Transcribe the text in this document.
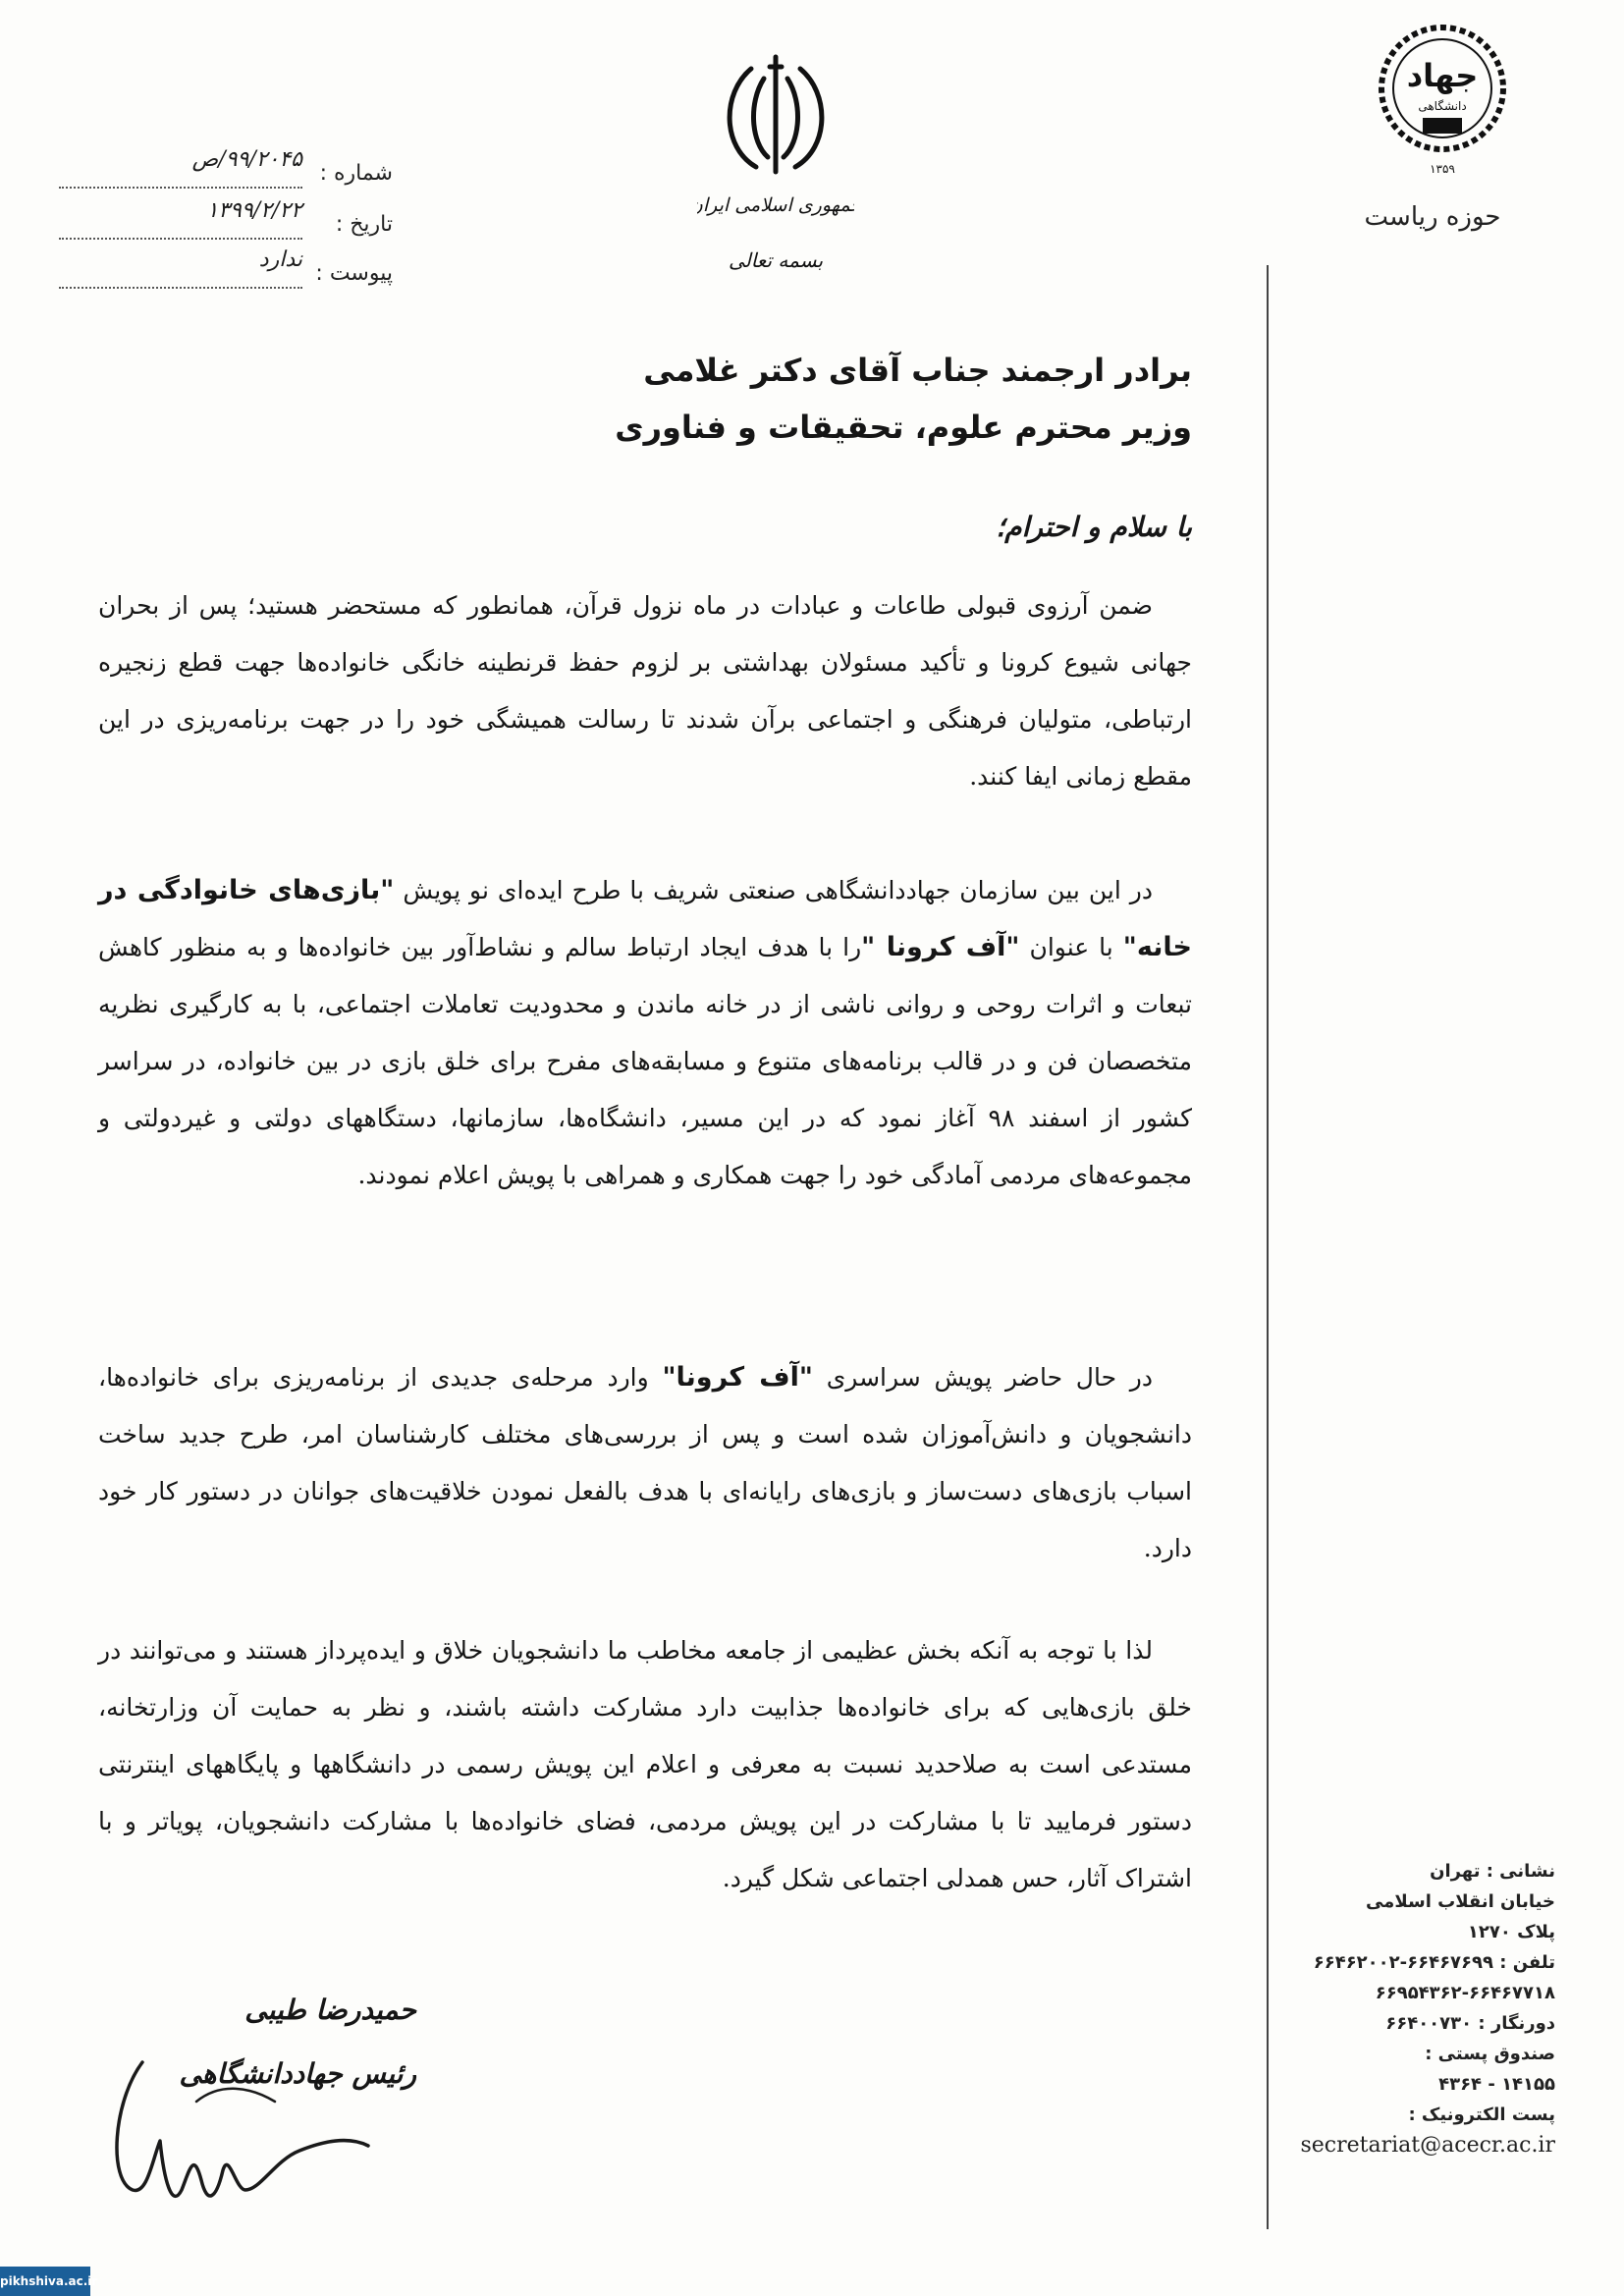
شماره :
۹۹/۲۰۴۵/ص
تاریخ :
۱۳۹۹/۲/۲۲
پیوست :
ندارد
جمهوری اسلامی ایران
بسمه تعالی
جهاد
دانشگاهی
۱۳۵۹
حوزه ریاست
برادر ارجمند جناب آقای دکتر غلامی
وزیر محترم علوم، تحقیقات و فناوری
با سلام و احترام؛
ضمن آرزوی قبولی طاعات و عبادات در ماه نزول قرآن، همانطور که مستحضر هستید؛ پس از بحران جهانی شیوع کرونا و تأکید مسئولان بهداشتی بر لزوم حفظ قرنطینه خانگی خانواده‌ها جهت قطع زنجیره ارتباطی، متولیان فرهنگی و اجتماعی برآن شدند تا رسالت همیشگی خود را در جهت برنامه‌ریزی در این مقطع زمانی ایفا کنند.
در این بین سازمان جهاددانشگاهی صنعتی شریف با طرح ایده‌ای نو پویش "بازی‌های خانوادگی در خانه" با عنوان "آف کرونا "را با هدف ایجاد ارتباط سالم و نشاط‌آور بین خانواده‌ها و به منظور کاهش تبعات و اثرات روحی و روانی ناشی از در خانه ماندن و محدودیت تعاملات اجتماعی، با به کارگیری نظریه متخصصان فن و در قالب برنامه‌های متنوع و مسابقه‌های مفرح برای خلق بازی در بین خانواده، در سراسر کشور از اسفند ۹۸ آغاز نمود که در این مسیر، دانشگاه‌ها، سازمانها، دستگاههای دولتی و غیردولتی و مجموعه‌های مردمی آمادگی خود را جهت همکاری و همراهی با پویش اعلام نمودند.
در حال حاضر پویش سراسری "آف کرونا" وارد مرحله‌ی جدیدی از برنامه‌ریزی برای خانواده‌ها، دانشجویان و دانش‌آموزان شده است و پس از بررسی‌های مختلف کارشناسان امر، طرح جدید ساخت اسباب بازی‌های دست‌ساز و بازی‌های رایانه‌ای با هدف بالفعل نمودن خلاقیت‌های جوانان در دستور کار خود دارد.
لذا با توجه به آنکه بخش عظیمی از جامعه مخاطب ما دانشجویان خلاق و ایده‌پرداز هستند و می‌توانند در خلق بازی‌هایی که برای خانواده‌ها جذابیت دارد مشارکت داشته باشند، و نظر به حمایت آن وزارتخانه، مستدعی است به صلاحدید نسبت به معرفی و اعلام این پویش رسمی در دانشگاهها و پایگاههای اینترنتی دستور فرمایید تا با مشارکت در این پویش مردمی، فضای خانواده‌ها با مشارکت دانشجویان، پویاتر و با اشتراک آثار، حس همدلی اجتماعی شکل گیرد.
حمیدرضا طیبی
رئیس جهاددانشگاهی
نشانی : تهران
خیابان انقلاب اسلامی
پلاک ۱۲۷۰
تلفن : ۶۶۴۶۷۶۹۹-۶۶۴۶۲۰۰۲
۶۶۹۵۴۳۶۲-۶۶۴۶۷۷۱۸
دورنگار : ۶۶۴۰۰۷۳۰
صندوق پستی :
۱۴۱۵۵ - ۴۳۶۴
پست الکترونیک :
secretariat@acecr.ac.ir
pikhshiva.ac.ir
